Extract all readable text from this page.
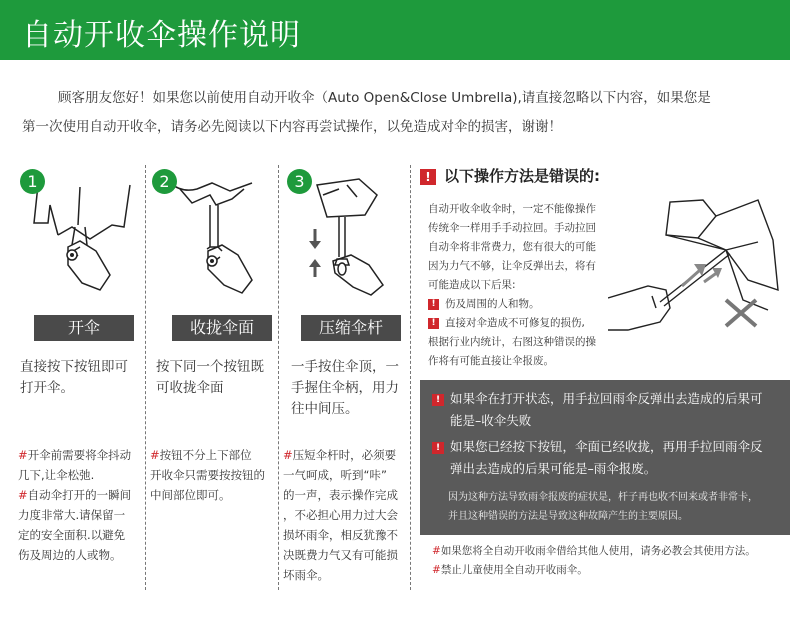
自动开收伞操作说明
顾客朋友您好！如果您以前使用自动开收伞（Auto Open&Close Umbrella),请直接忽略以下内容，如果您是
第一次使用自动开收伞，请务必先阅读以下内容再尝试操作，以免造成对伞的损害，谢谢！
1
开伞
直接按下按钮即可
打开伞。
#开伞前需要将伞抖动
几下,让伞松弛.
#自动伞打开的一瞬间
力度非常大.请保留一
定的安全面积.以避免
伤及周边的人或物。
2
收拢伞面
按下同一个按钮既
可收拢伞面
#按钮不分上下部位
开收伞只需要按按钮的
中间部位即可。
3
压缩伞杆
一手按住伞顶，一
手握住伞柄，用力
往中间压。
#压短伞杆时，必须要
一气呵成，听到“咔”
的一声，表示操作完成
，不必担心用力过大会
损坏雨伞，相反犹豫不
决既费力气又有可能损
坏雨伞。
! 以下操作方法是错误的:
自动开收伞收伞时，一定不能像操作
传统伞一样用手手动拉回。手动拉回
自动伞将非常费力，您有很大的可能
因为力气不够，让伞反弹出去，将有
可能造成以下后果:
! 伤及周围的人和物。
! 直接对伞造成不可修复的损伤,
根据行业内统计，右图这种错误的操
作将有可能直接让伞报废。
! 如果伞在打开状态，用手拉回雨伞反弹出去造成的后果可
能是–收伞失败
! 如果您已经按下按钮，伞面已经收拢，再用手拉回雨伞反
弹出去造成的后果可能是–雨伞报废。
因为这种方法导致雨伞报废的症状是，杆子再也收不回来或者非常卡，
并且这种错误的方法是导致这种故障产生的主要原因。
#如果您将全自动开收雨伞借给其他人使用，请务必教会其使用方法。
#禁止儿童使用全自动开收雨伞。
